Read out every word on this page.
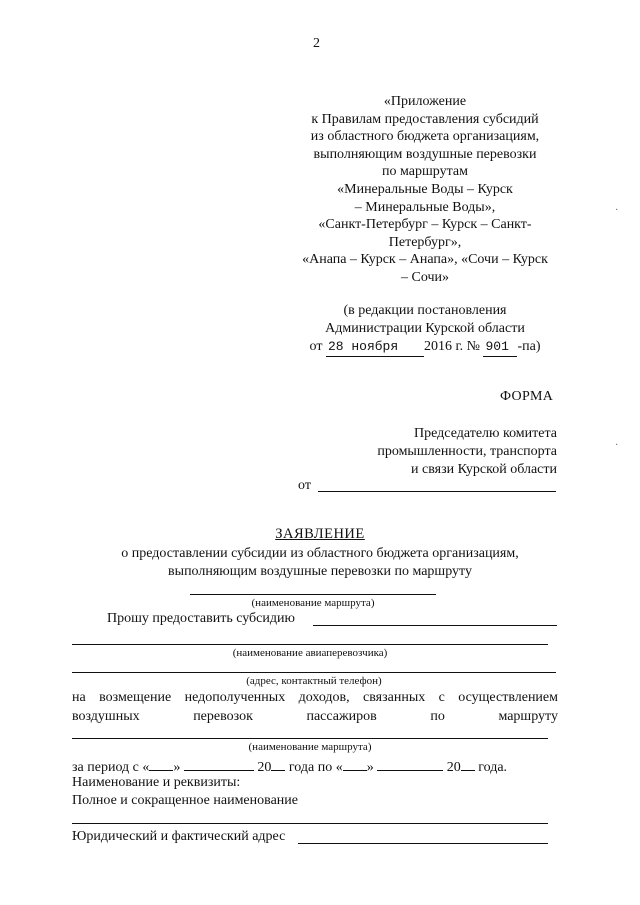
2
«Приложение
к Правилам предоставления субсидий
из областного бюджета организациям,
выполняющим воздушные перевозки
по маршрутам
«Минеральные Воды – Курск
– Минеральные Воды»,
«Санкт-Петербург – Курск – Санкт-
Петербург»,
«Анапа – Курск – Анапа», «Сочи – Курск
– Сочи»
(в редакции постановления
Администрации Курской области
от 28 ноября 2016 г. № 901 -па)
ФОРМА
Председателю комитета
промышленности, транспорта
и связи Курской области
от
ЗАЯВЛЕНИЕ
о предоставлении субсидии из областного бюджета организациям,
выполняющим воздушные перевозки по маршруту
(наименование маршрута)
Прошу предоставить субсидию
(наименование авиаперевозчика)
(адрес, контактный телефон)
на возмещение недополученных доходов, связанных с осуществлением
воздушных	перевозок	пассажиров	по	маршруту
(наименование маршрута)
за период с « »	20 года по « »	20 года.
Наименование и реквизиты:
Полное и сокращенное наименование
Юридический и фактический адрес
·
·
